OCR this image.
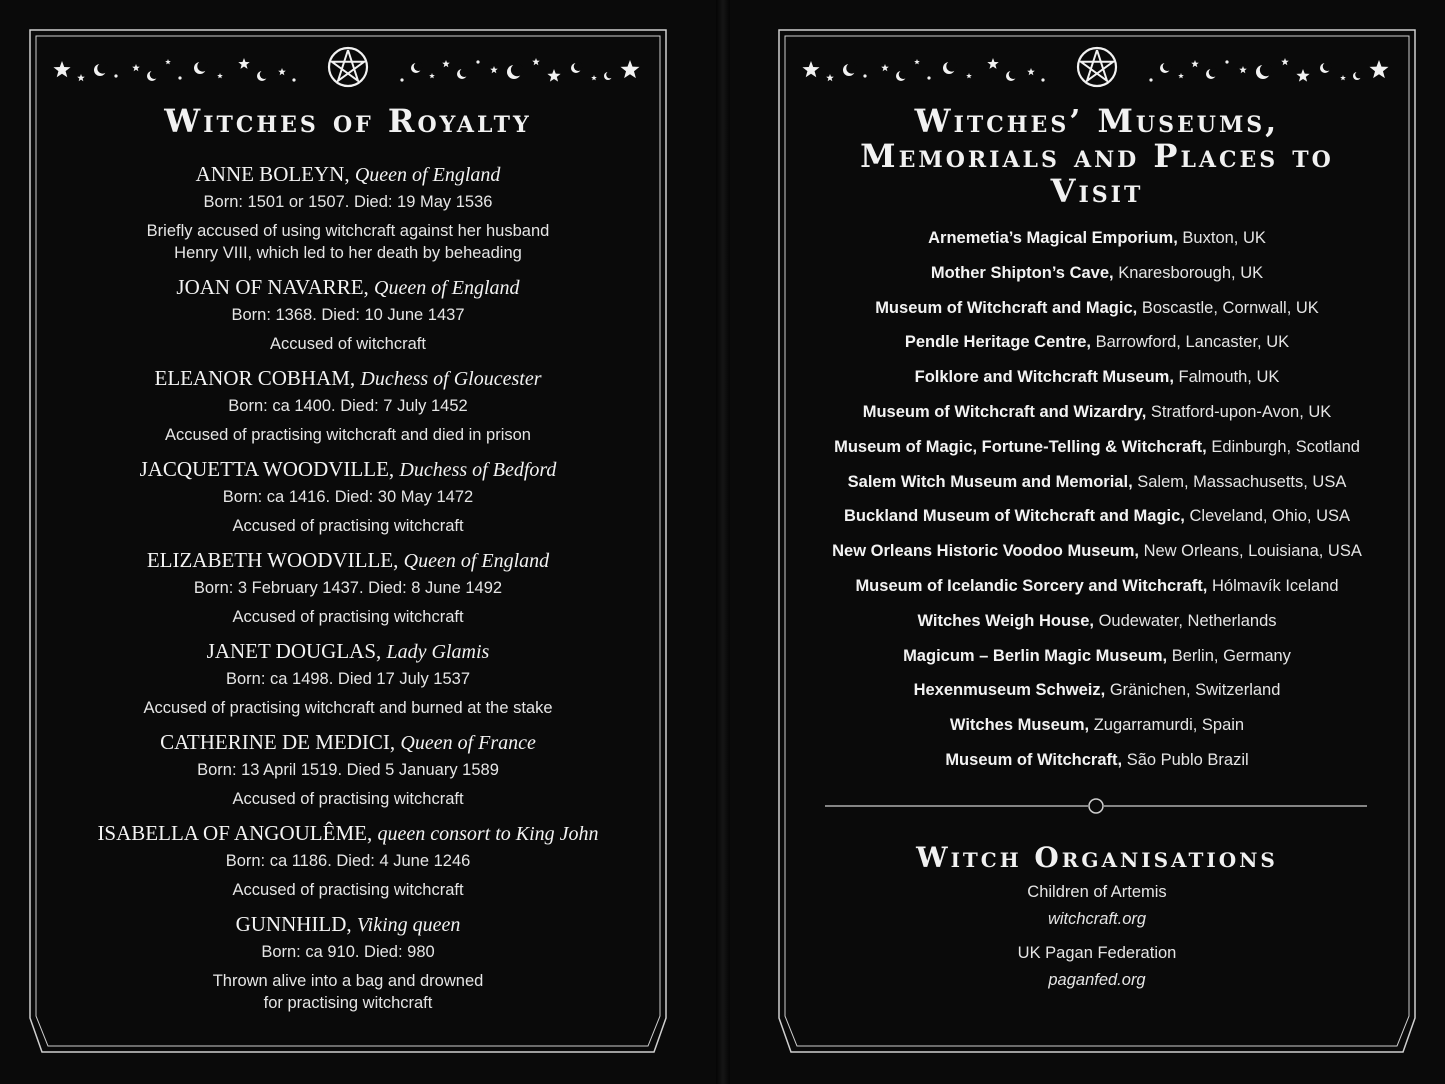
Witches of Royalty
ANNE BOLEYN, Queen of England
Born: 1501 or 1507. Died: 19 May 1536
Briefly accused of using witchcraft against her husband
Henry VIII, which led to her death by beheading
JOAN OF NAVARRE, Queen of England
Born: 1368. Died: 10 June 1437
Accused of witchcraft
ELEANOR COBHAM, Duchess of Gloucester
Born: ca 1400. Died: 7 July 1452
Accused of practising witchcraft and died in prison
JACQUETTA WOODVILLE, Duchess of Bedford
Born: ca 1416. Died: 30 May 1472
Accused of practising witchcraft
ELIZABETH WOODVILLE, Queen of England
Born: 3 February 1437. Died: 8 June 1492
Accused of practising witchcraft
JANET DOUGLAS, Lady Glamis
Born: ca 1498. Died 17 July 1537
Accused of practising witchcraft and burned at the stake
CATHERINE DE MEDICI, Queen of France
Born: 13 April 1519. Died 5 January 1589
Accused of practising witchcraft
ISABELLA OF ANGOULÊME, queen consort to King John
Born: ca 1186. Died: 4 June 1246
Accused of practising witchcraft
GUNNHILD, Viking queen
Born: ca 910. Died: 980
Thrown alive into a bag and drowned
for practising witchcraft
Witches’ Museums, Memorials and Places to Visit
Arnemetia’s Magical Emporium, Buxton, UK
Mother Shipton’s Cave, Knaresborough, UK
Museum of Witchcraft and Magic, Boscastle, Cornwall, UK
Pendle Heritage Centre, Barrowford, Lancaster, UK
Folklore and Witchcraft Museum, Falmouth, UK
Museum of Witchcraft and Wizardry, Stratford-upon-Avon, UK
Museum of Magic, Fortune-Telling & Witchcraft, Edinburgh, Scotland
Salem Witch Museum and Memorial, Salem, Massachusetts, USA
Buckland Museum of Witchcraft and Magic, Cleveland, Ohio, USA
New Orleans Historic Voodoo Museum, New Orleans, Louisiana, USA
Museum of Icelandic Sorcery and Witchcraft, Hólmavík Iceland
Witches Weigh House, Oudewater, Netherlands
Magicum – Berlin Magic Museum, Berlin, Germany
Hexenmuseum Schweiz, Gränichen, Switzerland
Witches Museum, Zugarramurdi, Spain
Museum of Witchcraft, São Publo Brazil
Witch Organisations
Children of Artemis
witchcraft.org
UK Pagan Federation
paganfed.org
